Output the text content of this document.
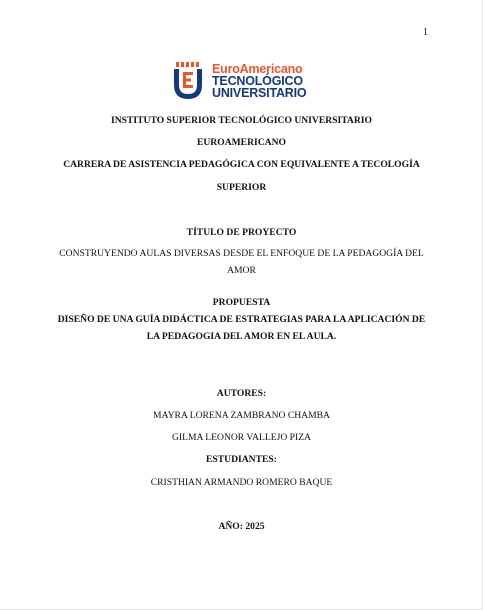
1
EuroAmericano
TECNOLÓGICO
UNIVERSITARIO
INSTITUTO SUPERIOR TECNOLÓGICO UNIVERSITARIO
EUROAMERICANO
CARRERA DE ASISTENCIA PEDAGÓGICA CON EQUIVALENTE A TECOLOGÍA
SUPERIOR
TÍTULO DE PROYECTO
CONSTRUYENDO AULAS DIVERSAS DESDE EL ENFOQUE DE LA PEDAGOGÍA DEL
AMOR
PROPUESTA
DISEÑO DE UNA GUÍA DIDÁCTICA DE ESTRATEGIAS PARA LA APLICACIÓN DE
LA PEDAGOGIA DEL AMOR EN EL AULA.
AUTORES:
MAYRA LORENA ZAMBRANO CHAMBA
GILMA LEONOR VALLEJO PIZA
ESTUDIANTES:
CRISTHIAN ARMANDO ROMERO BAQUE
AÑO: 2025
